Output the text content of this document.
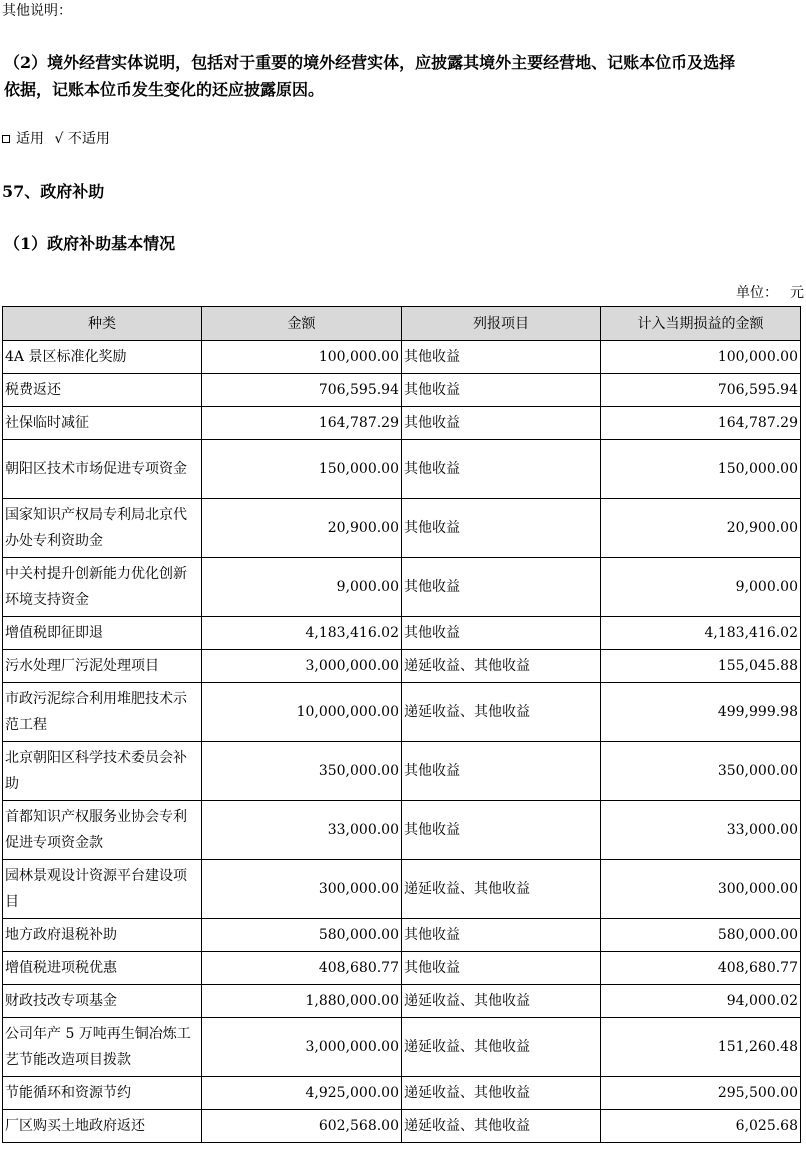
其他说明：
（2）境外经营实体说明，包括对于重要的境外经营实体，应披露其境外主要经营地、记账本位币及选择
依据，记账本位币发生变化的还应披露原因。
适用 √ 不适用
57、政府补助
（1）政府补助基本情况
单位： 元
种类	金额	列报项目	计入当期损益的金额
4A 景区标准化奖励	100,000.00	其他收益	100,000.00
税费返还	706,595.94	其他收益	706,595.94
社保临时减征	164,787.29	其他收益	164,787.29
朝阳区技术市场促进专项资金	150,000.00	其他收益	150,000.00
国家知识产权局专利局北京代办处专利资助金	20,900.00	其他收益	20,900.00
中关村提升创新能力优化创新环境支持资金	9,000.00	其他收益	9,000.00
增值税即征即退	4,183,416.02	其他收益	4,183,416.02
污水处理厂污泥处理项目	3,000,000.00	递延收益、其他收益	155,045.88
市政污泥综合利用堆肥技术示范工程	10,000,000.00	递延收益、其他收益	499,999.98
北京朝阳区科学技术委员会补助	350,000.00	其他收益	350,000.00
首都知识产权服务业协会专利促进专项资金款	33,000.00	其他收益	33,000.00
园林景观设计资源平台建设项目	300,000.00	递延收益、其他收益	300,000.00
地方政府退税补助	580,000.00	其他收益	580,000.00
增值税进项税优惠	408,680.77	其他收益	408,680.77
财政技改专项基金	1,880,000.00	递延收益、其他收益	94,000.02
公司年产 5 万吨再生铜冶炼工艺节能改造项目拨款	3,000,000.00	递延收益、其他收益	151,260.48
节能循环和资源节约	4,925,000.00	递延收益、其他收益	295,500.00
厂区购买土地政府返还	602,568.00	递延收益、其他收益	6,025.68
